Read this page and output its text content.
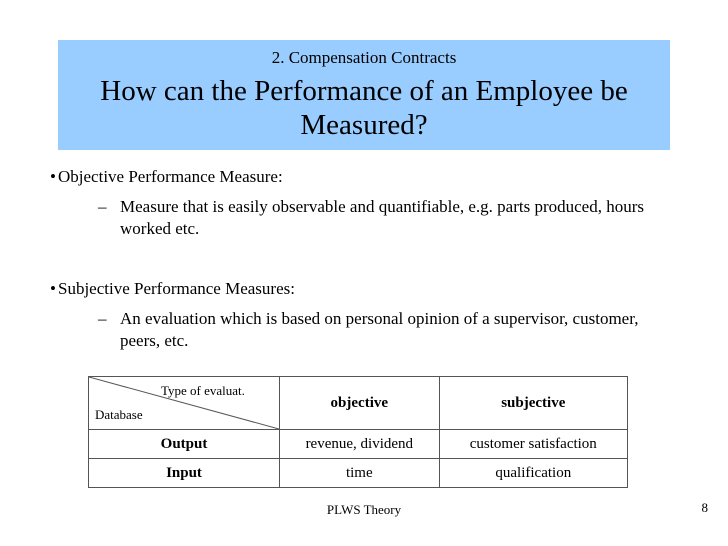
2. Compensation Contracts
How can the Performance of an Employee be Measured?
• Objective Performance Measure:
– Measure that is easily observable and quantifiable, e.g. parts produced, hours worked etc.
• Subjective Performance Measures:
– An evaluation which is based on personal opinion of a supervisor, customer, peers, etc.
Type of evaluat.
Database	objective	subjective
Output	revenue, dividend	customer satisfaction
Input	time	qualification
PLWS Theory	8
